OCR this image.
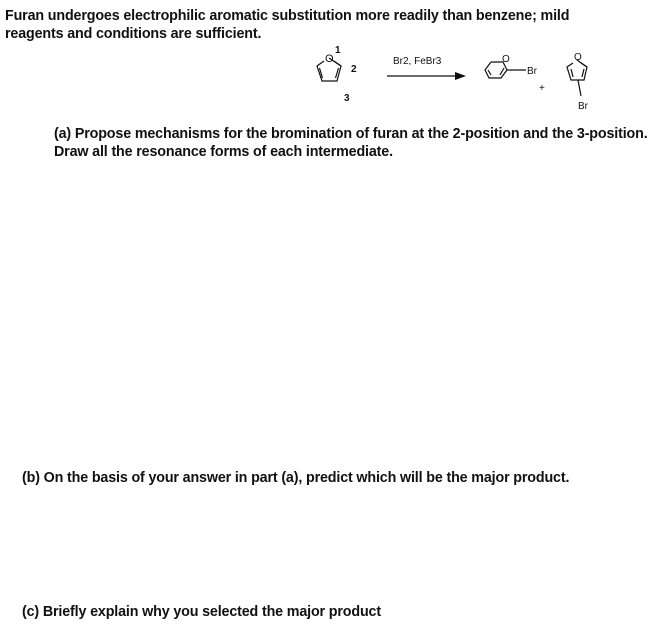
Furan undergoes electrophilic aromatic substitution more readily than benzene; mild
reagents and conditions are sufficient.
O
1
2
3
Br2, FeBr3	O
Br
+
O
Br
(a) Propose mechanisms for the bromination of furan at the 2-position and the 3-position.
Draw all the resonance forms of each intermediate.
(b) On the basis of your answer in part (a), predict which will be the major product.
(c) Briefly explain why you selected the major product
